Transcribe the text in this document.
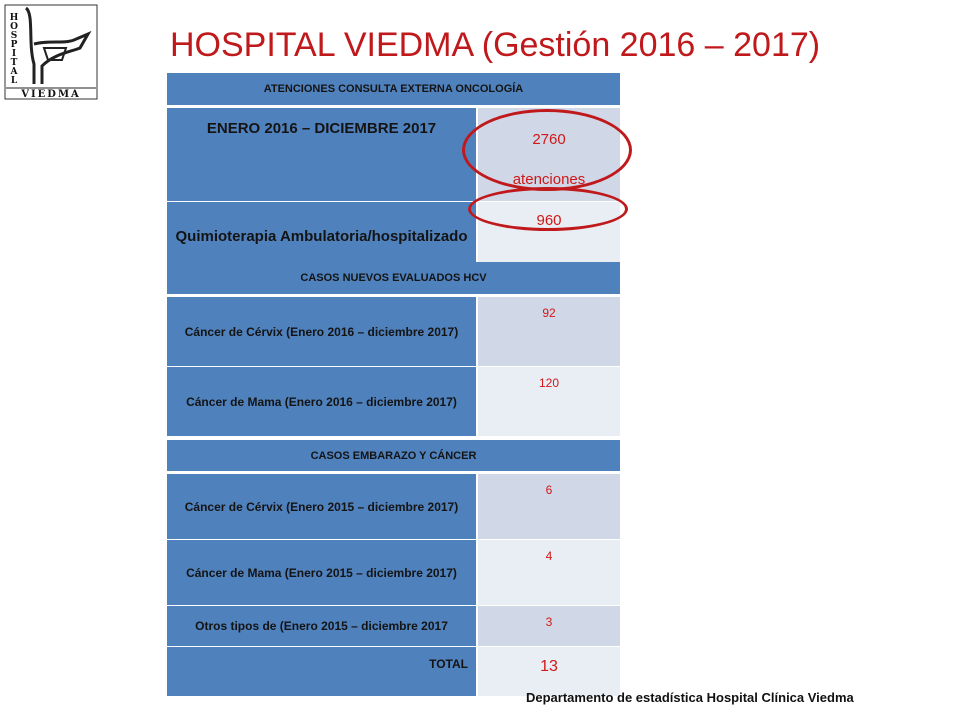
H
O
S
P
I
T
A
L
VIEDMA
HOSPITAL VIEDMA (Gestión 2016 – 2017)
ATENCIONES CONSULTA EXTERNA ONCOLOGÍA	
ENERO 2016 – DICIEMBRE 2017	2760
atenciones
Quimioterapia Ambulatoria/hospitalizado	960
CASOS NUEVOS EVALUADOS HCV	
Cáncer de Cérvix (Enero 2016 – diciembre 2017)	92
Cáncer de Mama (Enero 2016 – diciembre 2017)	120
CASOS EMBARAZO Y CÁNCER	
Cáncer de Cérvix (Enero 2015 – diciembre 2017)	6
Cáncer de Mama (Enero 2015 – diciembre 2017)	4
Otros tipos de (Enero 2015 – diciembre 2017	3
TOTAL	13
Departamento de estadística Hospital Clínica Viedma
